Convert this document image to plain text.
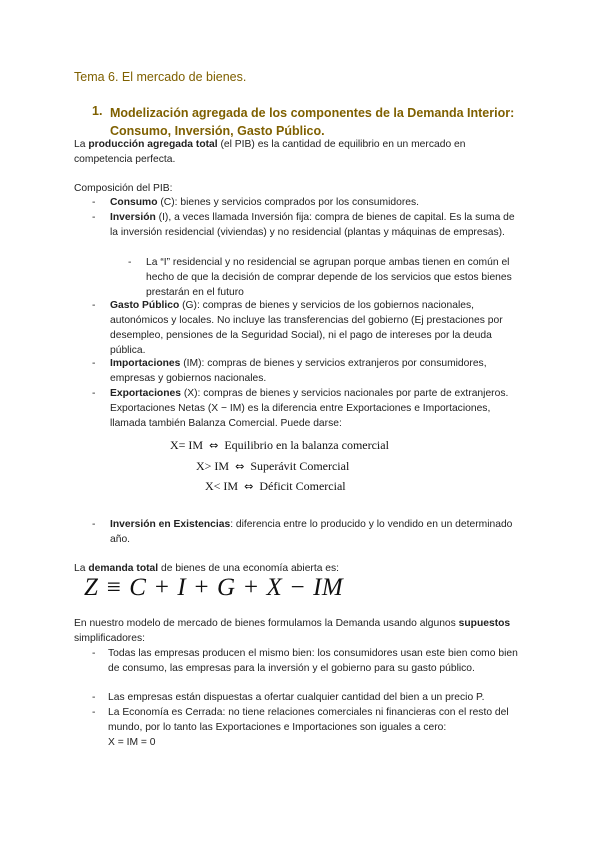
Tema 6. El mercado de bienes.
1. Modelización agregada de los componentes de la Demanda Interior: Consumo, Inversión, Gasto Público.
La producción agregada total (el PIB) es la cantidad de equilibrio en un mercado en competencia perfecta.
Composición del PIB:
- Consumo (C): bienes y servicios comprados por los consumidores.
- Inversión (I), a veces llamada Inversión fija: compra de bienes de capital. Es la suma de la inversión residencial (viviendas) y no residencial (plantas y máquinas de empresas).
- La “I” residencial y no residencial se agrupan porque ambas tienen en común el hecho de que la decisión de comprar depende de los servicios que estos bienes prestarán en el futuro
- Gasto Público (G): compras de bienes y servicios de los gobiernos nacionales, autonómicos y locales. No incluye las transferencias del gobierno (Ej prestaciones por desempleo, pensiones de la Seguridad Social), ni el pago de intereses por la deuda pública.
- Importaciones (IM): compras de bienes y servicios extranjeros por consumidores, empresas y gobiernos nacionales.
- Exportaciones (X): compras de bienes y servicios nacionales por parte de extranjeros. Exportaciones Netas (X − IM) es la diferencia entre Exportaciones e Importaciones, llamada también Balanza Comercial. Puede darse:
X= IM ⇔ Equilibrio en la balanza comercial
X> IM ⇔ Superávit Comercial
X< IM ⇔ Déficit Comercial
- Inversión en Existencias: diferencia entre lo producido y lo vendido en un determinado año.
La demanda total de bienes de una economía abierta es:
Z ≡ C + I + G + X − IM
En nuestro modelo de mercado de bienes formulamos la Demanda usando algunos supuestos simplificadores:
- Todas las empresas producen el mismo bien: los consumidores usan este bien como bien de consumo, las empresas para la inversión y el gobierno para su gasto público.
- Las empresas están dispuestas a ofertar cualquier cantidad del bien a un precio P.
- La Economía es Cerrada: no tiene relaciones comerciales ni financieras con el resto del mundo, por lo tanto las Exportaciones e Importaciones son iguales a cero:
X = IM = 0
